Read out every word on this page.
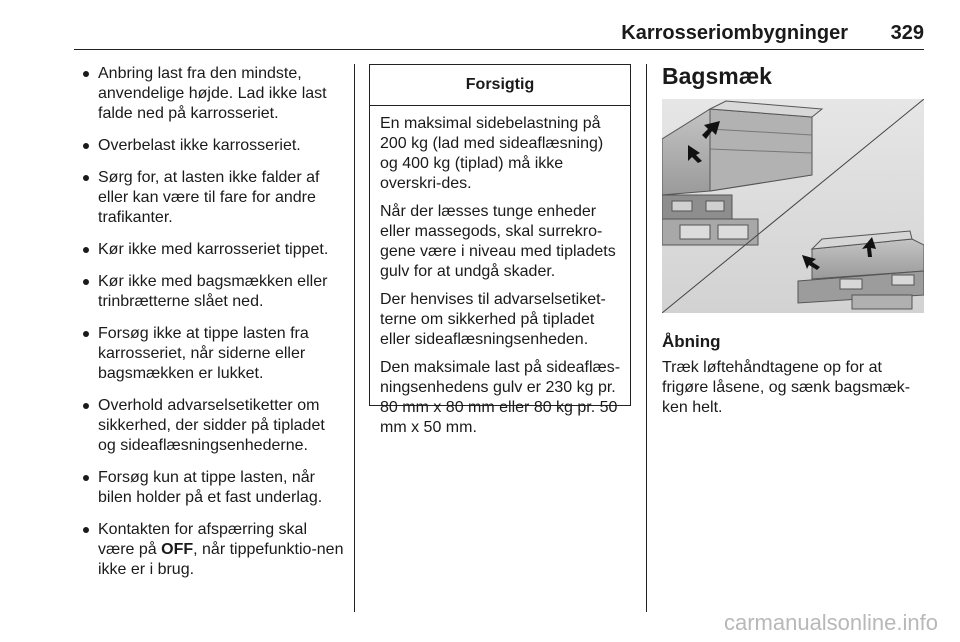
Karrosseriombygninger 329
Anbring last fra den mindste, anvendelige højde. Lad ikke last falde ned på karrosseriet.
Overbelast ikke karrosseriet.
Sørg for, at lasten ikke falder af eller kan være til fare for andre trafikanter.
Kør ikke med karrosseriet tippet.
Kør ikke med bagsmækken eller trinbrætterne slået ned.
Forsøg ikke at tippe lasten fra karrosseriet, når siderne eller bagsmækken er lukket.
Overhold advarselsetiketter om sikkerhed, der sidder på tipladet og sideaflæsningsenhederne.
Forsøg kun at tippe lasten, når bilen holder på et fast underlag.
Kontakten for afspærring skal være på OFF, når tippefunktio-nen ikke er i brug.
Forsigtig

En maksimal sidebelastning på 200 kg (lad med sideaflæsning) og 400 kg (tiplad) må ikke overskri-des.

Når der læsses tunge enheder eller massegods, skal surrekro-gene være i niveau med tipladets gulv for at undgå skader.

Der henvises til advarselsetiket-terne om sikkerhed på tipladet eller sideaflæsningsenheden.

Den maksimale last på sideaflæs-ningsenhedens gulv er 230 kg pr. 80 mm x 80 mm eller 80 kg pr. 50 mm x 50 mm.

Bagsmæk
Åbning
Træk løftehåndtagene op for at frigøre låsene, og sænk bagsmæk-ken helt.
carmanualsonline.info
